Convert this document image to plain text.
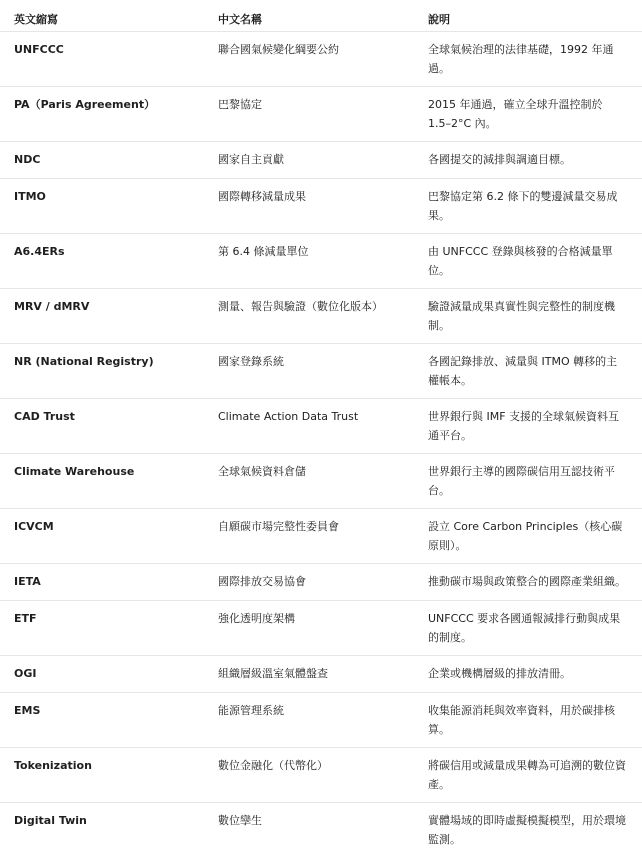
英文縮寫	中文名稱	說明
UNFCCC	聯合國氣候變化綱要公約	全球氣候治理的法律基礎，1992 年通過。
PA（Paris Agreement）	巴黎協定	2015 年通過，確立全球升溫控制於 1.5–2°C 內。
NDC	國家自主貢獻	各國提交的減排與調適目標。
ITMO	國際轉移減量成果	巴黎協定第 6.2 條下的雙邊減量交易成果。
A6.4ERs	第 6.4 條減量單位	由 UNFCCC 登錄與核發的合格減量單位。
MRV / dMRV	測量、報告與驗證（數位化版本）	驗證減量成果真實性與完整性的制度機制。
NR (National Registry)	國家登錄系統	各國記錄排放、減量與 ITMO 轉移的主權帳本。
CAD Trust	Climate Action Data Trust	世界銀行與 IMF 支援的全球氣候資料互通平台。
Climate Warehouse	全球氣候資料倉儲	世界銀行主導的國際碳信用互認技術平台。
ICVCM	自願碳市場完整性委員會	設立 Core Carbon Principles（核心碳原則）。
IETA	國際排放交易協會	推動碳市場與政策整合的國際產業組織。
ETF	強化透明度架構	UNFCCC 要求各國通報減排行動與成果的制度。
OGI	組織層級溫室氣體盤查	企業或機構層級的排放清冊。
EMS	能源管理系統	收集能源消耗與效率資料，用於碳排核算。
Tokenization	數位金融化（代幣化）	將碳信用或減量成果轉為可追溯的數位資產。
Digital Twin	數位孿生	實體場域的即時虛擬模擬模型，用於環境監測。
